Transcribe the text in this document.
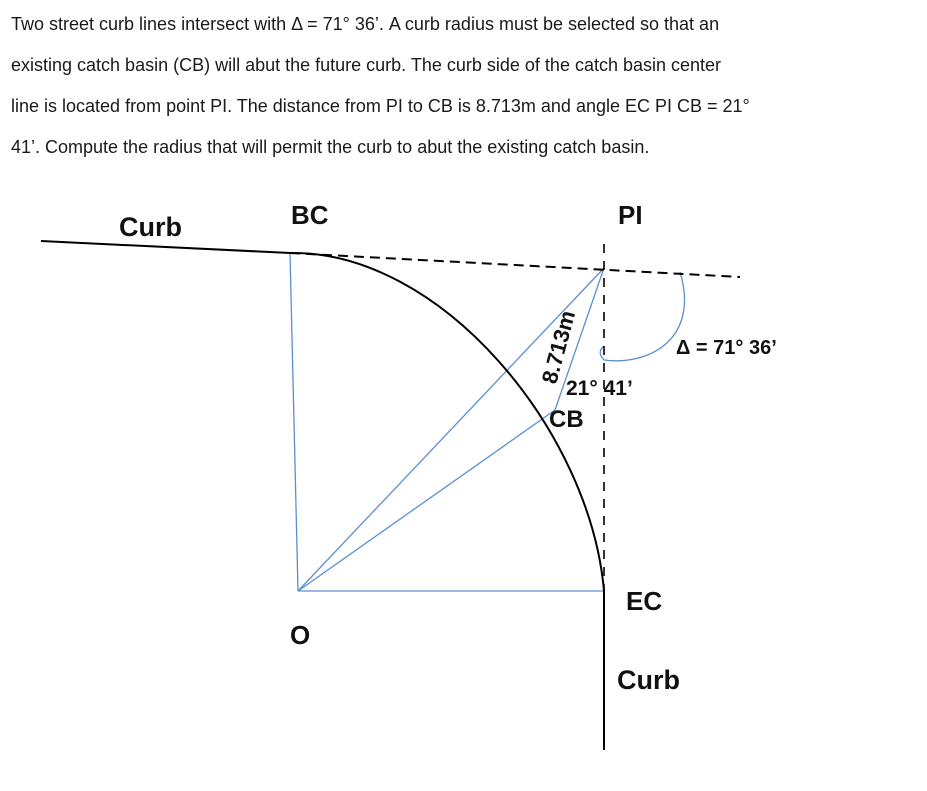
Two street curb lines intersect with Δ = 71° 36’. A curb radius must be selected so that an

existing catch basin (CB) will abut the future curb. The curb side of the catch basin center

line is located from point PI. The distance from PI to CB is 8.713m and angle EC PI CB = 21°

41’. Compute the radius that will permit the curb to abut the existing catch basin.

Curb	BC	PI
Δ = 71° 36’
8.713m
21° 41’
CB
EC
O
Curb
